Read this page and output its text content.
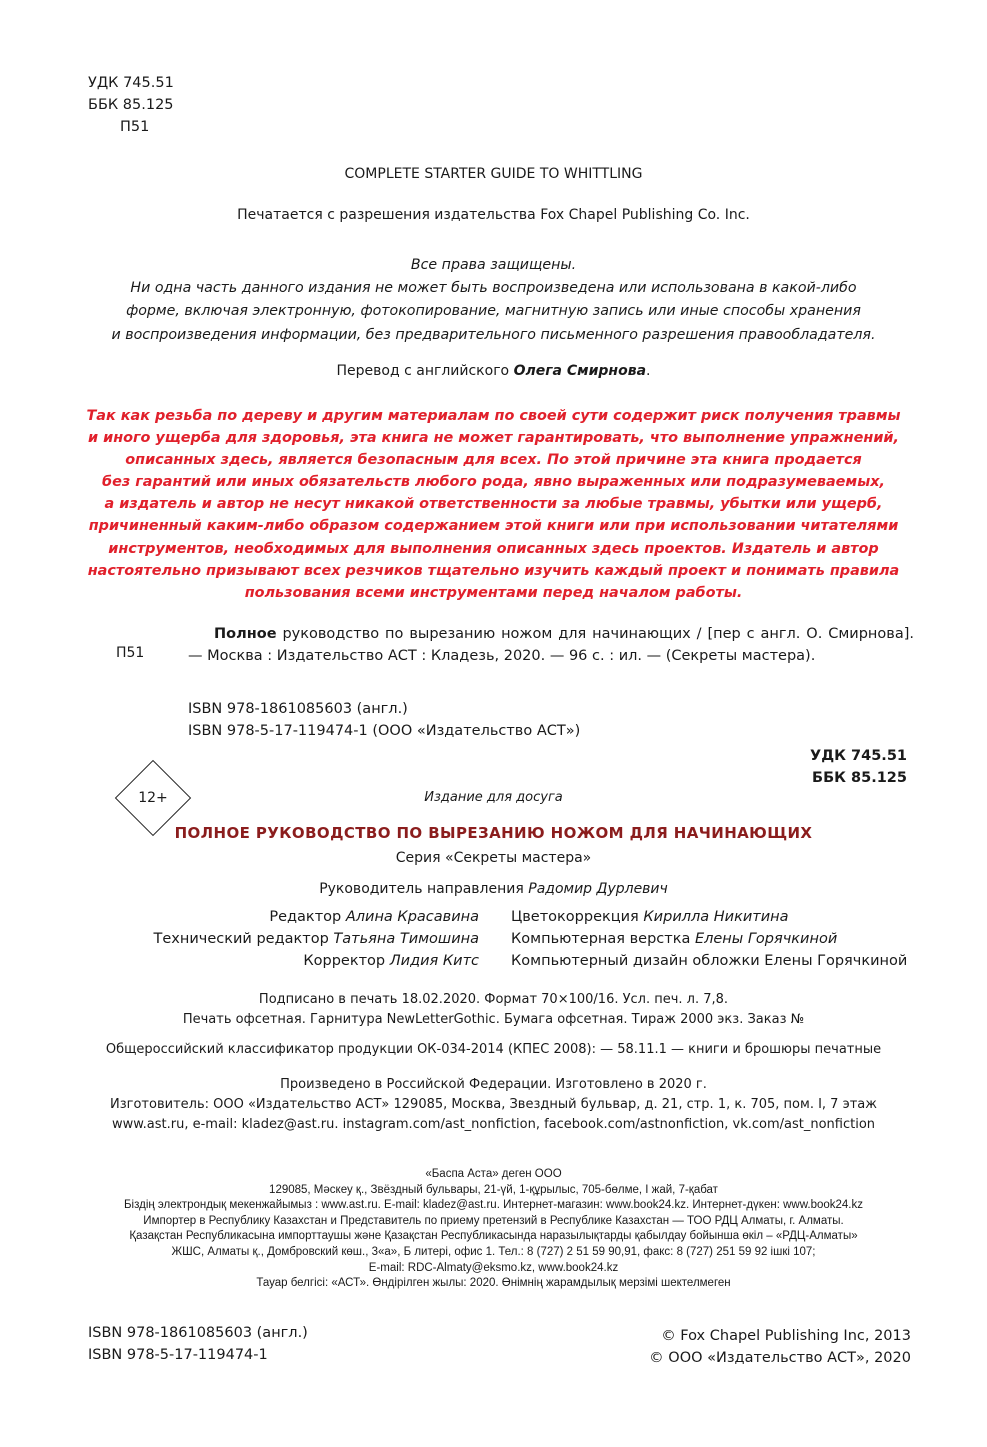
УДК 745.51
ББК 85.125
П51
COMPLETE STARTER GUIDE TO WHITTLING
Печатается с разрешения издательства Fox Chapel Publishing Co. Inc.
Все права защищены.
Ни одна часть данного издания не может быть воспроизведена или использована в какой-либо
форме, включая электронную, фотокопирование, магнитную запись или иные способы хранения
и воспроизведения информации, без предварительного письменного разрешения правообладателя.
Перевод с английского Олега Смирнова.
Так как резьба по дереву и другим материалам по своей сути содержит риск получения травмы
и иного ущерба для здоровья, эта книга не может гарантировать, что выполнение упражнений,
описанных здесь, является безопасным для всех. По этой причине эта книга продается
без гарантий или иных обязательств любого рода, явно выраженных или подразумеваемых,
а издатель и автор не несут никакой ответственности за любые травмы, убытки или ущерб,
причиненный каким-либо образом содержанием этой книги или при использовании читателями
инструментов, необходимых для выполнения описанных здесь проектов. Издатель и автор
настоятельно призывают всех резчиков тщательно изучить каждый проект и понимать правила
пользования всеми инструментами перед началом работы.
П51
Полное руководство по вырезанию ножом для начинающих / [пер с англ. О. Смирнова]. — Москва : Издательство АСТ : Кладезь, 2020. — 96 с. : ил. — (Секреты мастера).
ISBN 978-1861085603 (англ.)
ISBN 978-5-17-119474-1 (ООО «Издательство АСТ»)
УДК 745.51
ББК 85.125
12+	Издание для досуга
ПОЛНОЕ РУКОВОДСТВО ПО ВЫРЕЗАНИЮ НОЖОМ ДЛЯ НАЧИНАЮЩИХ
Серия «Секреты мастера»
Руководитель направления Радомир Дурлевич
Редактор Алина Красавина
Технический редактор Татьяна Тимошина
Корректор Лидия Китс
Цветокоррекция Кирилла Никитина
Компьютерная верстка Елены Горячкиной
Компьютерный дизайн обложки Елены Горячкиной
Подписано в печать 18.02.2020. Формат 70×100/16. Усл. печ. л. 7,8.
Печать офсетная. Гарнитура NewLetterGothic. Бумага офсетная. Тираж 2000 экз. Заказ №
Общероссийский классификатор продукции ОК-034-2014 (КПЕС 2008): — 58.11.1 — книги и брошюры печатные
Произведено в Российской Федерации. Изготовлено в 2020 г.
Изготовитель: ООО «Издательство АСТ» 129085, Москва, Звездный бульвар, д. 21, стр. 1, к. 705, пом. I, 7 этаж
www.ast.ru, e-mail: kladez@ast.ru. instagram.com/ast_nonfiction, facebook.com/astnonfiction, vk.com/ast_nonfiction
«Баспа Аста» деген ООО
129085, Мәскеу қ., Звёздный бульвары, 21-үй, 1-құрылыс, 705-бөлме, I жай, 7-қабат
Біздің электрондық мекенжайымыз : www.ast.ru. E-mail: kladez@ast.ru. Интернет-магазин: www.book24.kz. Интернет-дүкен: www.book24.kz
Импортер в Республику Казахстан и Представитель по приему претензий в Республике Казахстан — ТОО РДЦ Алматы, г. Алматы.
Қазақстан Республикасына импорттаушы және Қазақстан Республикасында наразылықтарды қабылдау бойынша өкіл – «РДЦ-Алматы»
ЖШС, Алматы қ., Домбровский көш., 3«а», Б литері, офис 1. Тел.: 8 (727) 2 51 59 90,91, факс: 8 (727) 251 59 92 ішкі 107;
E-mail: RDC-Almaty@eksmo.kz, www.book24.kz
Тауар белгісі: «АСТ». Өндірілген жылы: 2020. Өнімнің жарамдылық мерзімі шектелмеген
ISBN 978-1861085603 (англ.)
ISBN 978-5-17-119474-1
© Fox Chapel Publishing Inc, 2013
© ООО «Издательство АСТ», 2020
